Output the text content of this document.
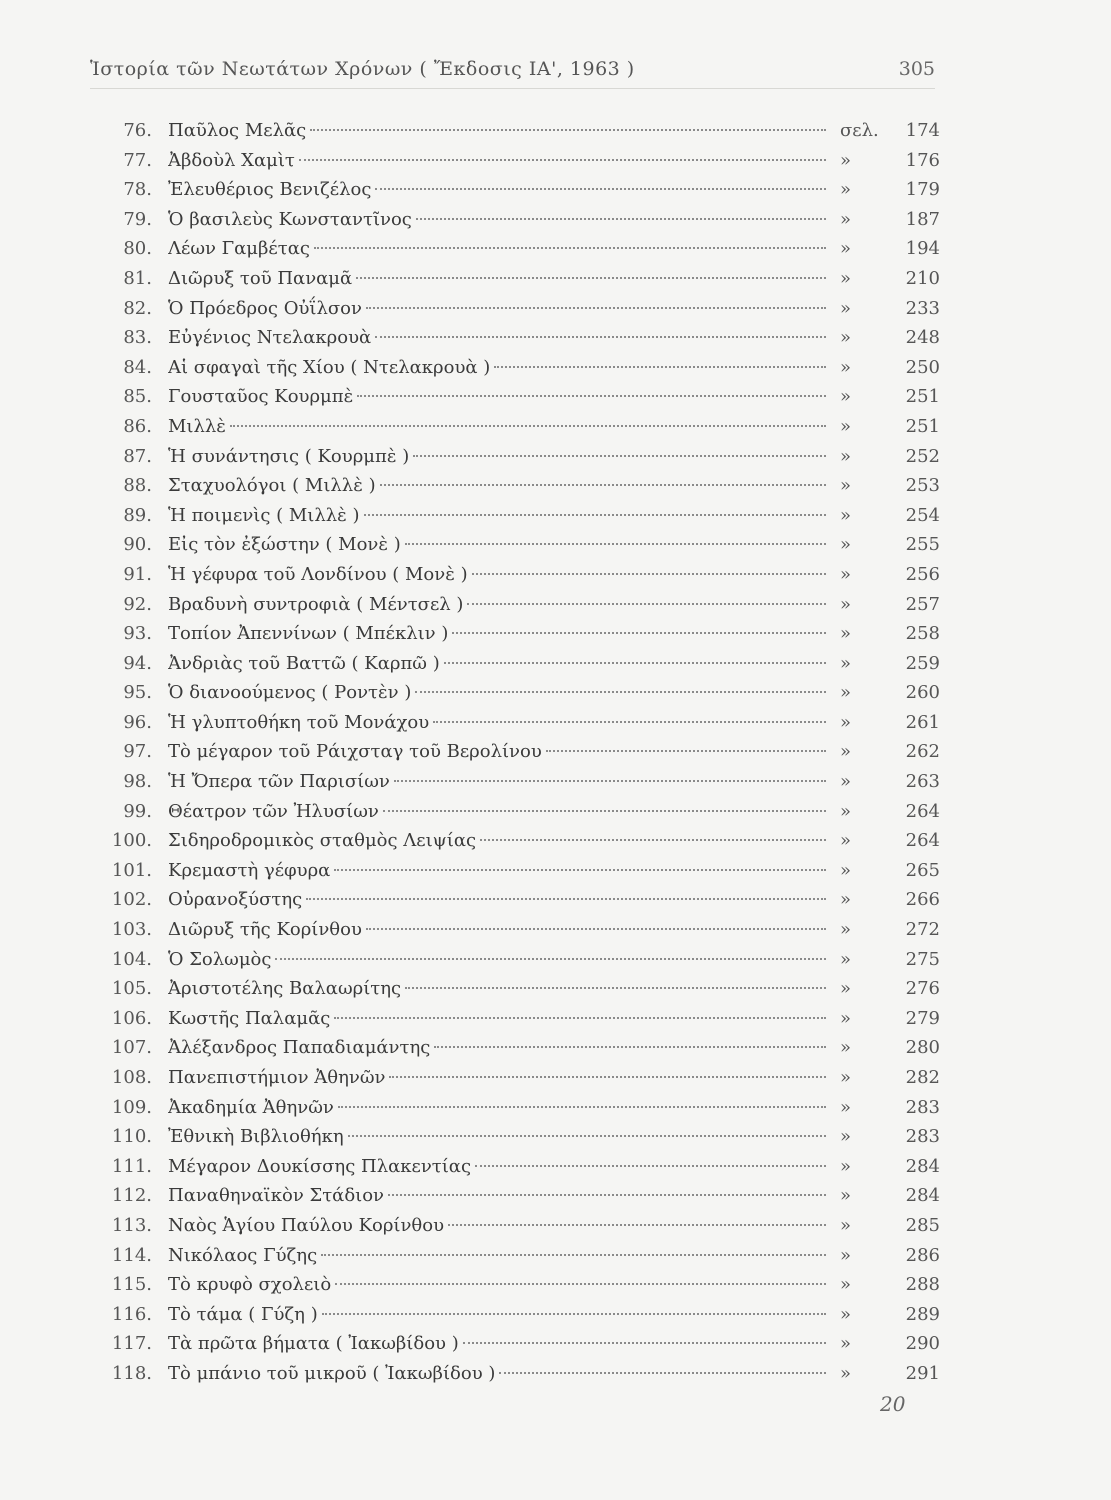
Ἱστορία τῶν Νεωτάτων Χρόνων ( Ἔκδοσις ΙΑ', 1963 )	305
76. Παῦλος Μελᾶς	σελ.	174
77. Ἀβδοὺλ Χαμὶτ	»	176
78. Ἐλευθέριος Βενιζέλος	»	179
79. Ὁ βασιλεὺς Κωνσταντῖνος	»	187
80. Λέων Γαμβέτας	»	194
81. Διῶρυξ τοῦ Παναμᾶ	»	210
82. Ὁ Πρόεδρος Οὐΐλσον	»	233
83. Εὐγένιος Ντελακρουὰ	»	248
84. Αἱ σφαγαὶ τῆς Χίου ( Ντελακρουὰ )	»	250
85. Γουσταῦος Κουρμπὲ	»	251
86. Μιλλὲ	»	251
87. Ἡ συνάντησις ( Κουρμπὲ )	»	252
88. Σταχυολόγοι ( Μιλλὲ )	»	253
89. Ἡ ποιμενὶς ( Μιλλὲ )	»	254
90. Εἰς τὸν ἐξώστην ( Μονὲ )	»	255
91. Ἡ γέφυρα τοῦ Λονδίνου ( Μονὲ )	»	256
92. Βραδυνὴ συντροφιὰ ( Μέντσελ )	»	257
93. Τοπίον Ἀπεννίνων ( Μπέκλιν )	»	258
94. Ἀνδριὰς τοῦ Βαττῶ ( Καρπῶ )	»	259
95. Ὁ διανοούμενος ( Ροντὲν )	»	260
96. Ἡ γλυπτοθήκη τοῦ Μονάχου	»	261
97. Τὸ μέγαρον τοῦ Ράιχσταγ τοῦ Βερολίνου	»	262
98. Ἡ Ὄπερα τῶν Παρισίων	»	263
99. Θέατρον τῶν Ἠλυσίων	»	264
100. Σιδηροδρομικὸς σταθμὸς Λειψίας	»	264
101. Κρεμαστὴ γέφυρα	»	265
102. Οὐρανοξύστης	»	266
103. Διῶρυξ τῆς Κορίνθου	»	272
104. Ὁ Σολωμὸς	»	275
105. Ἀριστοτέλης Βαλαωρίτης	»	276
106. Κωστῆς Παλαμᾶς	»	279
107. Ἀλέξανδρος Παπαδιαμάντης	»	280
108. Πανεπιστήμιον Ἀθηνῶν	»	282
109. Ἀκαδημία Ἀθηνῶν	»	283
110. Ἐθνικὴ Βιβλιοθήκη	»	283
111. Μέγαρον Δουκίσσης Πλακεντίας	»	284
112. Παναθηναϊκὸν Στάδιον	»	284
113. Ναὸς Ἁγίου Παύλου Κορίνθου	»	285
114. Νικόλαος Γύζης	»	286
115. Τὸ κρυφὸ σχολειὸ	»	288
116. Τὸ τάμα ( Γύζη )	»	289
117. Τὰ πρῶτα βήματα ( Ἰακωβίδου )	»	290
118. Τὸ μπάνιο τοῦ μικροῦ ( Ἰακωβίδου )	»	291
20
